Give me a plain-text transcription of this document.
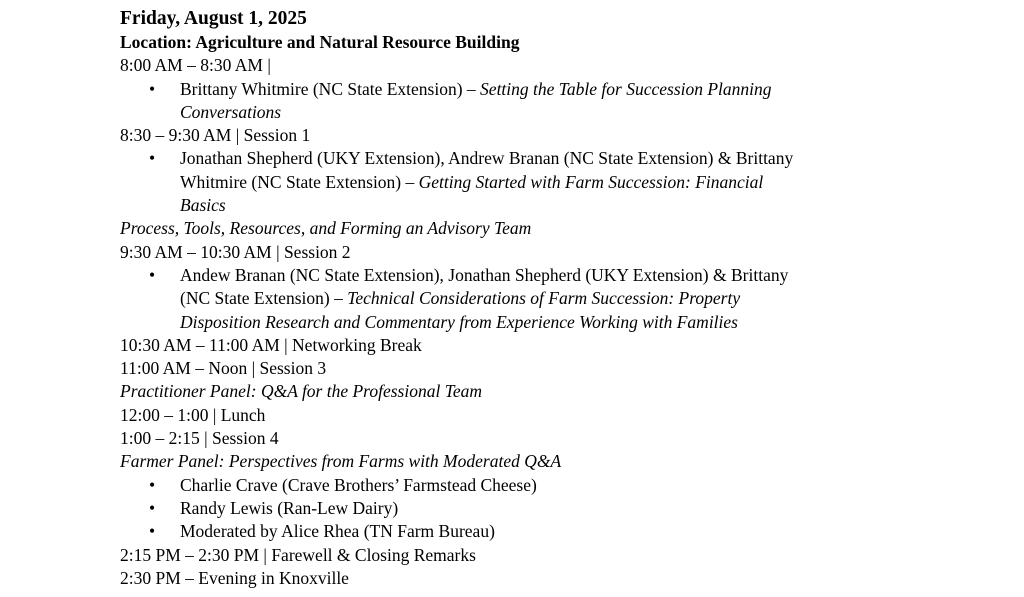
Friday, August 1, 2025
Location: Agriculture and Natural Resource Building
8:00 AM – 8:30 AM |
• Brittany Whitmire (NC State Extension) – Setting the Table for Succession Planning
Conversations
8:30 – 9:30 AM | Session 1
• Jonathan Shepherd (UKY Extension), Andrew Branan (NC State Extension) & Brittany
Whitmire (NC State Extension) – Getting Started with Farm Succession: Financial
Basics
Process, Tools, Resources, and Forming an Advisory Team
9:30 AM – 10:30 AM | Session 2
• Andew Branan (NC State Extension), Jonathan Shepherd (UKY Extension) & Brittany
(NC State Extension) – Technical Considerations of Farm Succession: Property
Disposition Research and Commentary from Experience Working with Families
10:30 AM – 11:00 AM | Networking Break
11:00 AM – Noon | Session 3
Practitioner Panel: Q&A for the Professional Team
12:00 – 1:00 | Lunch
1:00 – 2:15 | Session 4
Farmer Panel: Perspectives from Farms with Moderated Q&A
• Charlie Crave (Crave Brothers’ Farmstead Cheese)
• Randy Lewis (Ran-Lew Dairy)
• Moderated by Alice Rhea (TN Farm Bureau)
2:15 PM – 2:30 PM | Farewell & Closing Remarks
2:30 PM – Evening in Knoxville
